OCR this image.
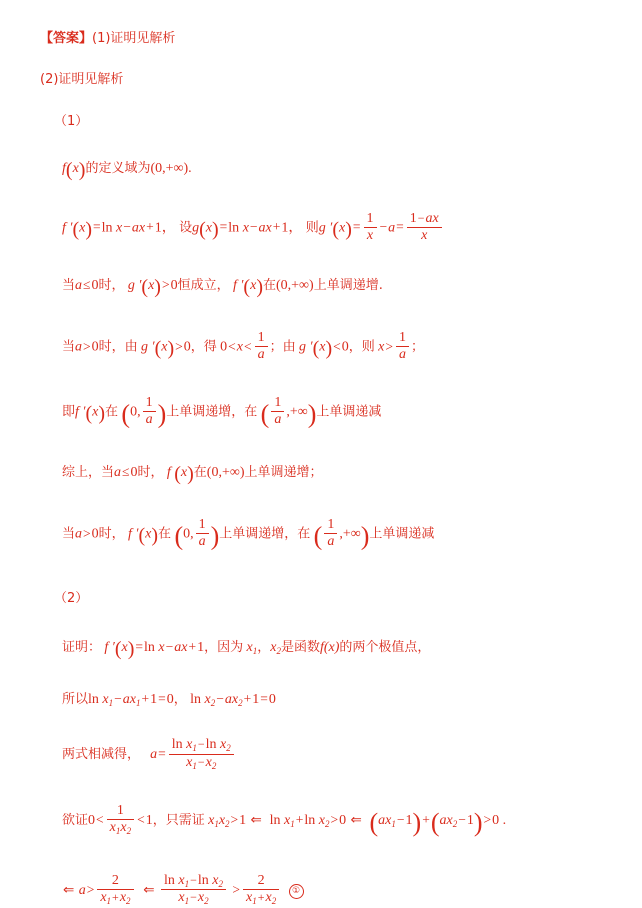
【答案】(1)证明见解析
(2)证明见解析
（1）
f(x)的定义域为(0,+∞).
f ′(x)=ln x−ax+1， 设g(x)=ln x−ax+1， 则g $'(x)= \frac{1}{x} -a= \frac{1-ax}{x}$
当a≤0时， g ′(x)>0恒成立， f ′(x)在(0,+∞)上单调递增.
当a>0时，由 g ′(x)>0，得 $0<x< \frac{1}{a}$ ；由 g ′(x)<0，则 $x> \frac{1}{a}$ ；
即f ′(x)在 (0, $\frac{1}{a}$ )上单调递增，在 ( $\frac{1}{a}$ ,+∞)上单调递减
综上，当a≤0时， f (x)在(0,+∞)上单调递增；
当a>0时， f ′(x)在 (0, $\frac{1}{a}$ )上单调递增，在 ( $\frac{1}{a}$ ,+∞)上单调递减
（2）
证明： f ′(x)=ln x−ax+1，因为 $x_1$，$x_2$是函数f(x)的两个极值点，
所以$\ln x_1-ax_1+1=0$， $\ln x_2-ax_2+1=0$
两式相减得， $a= \frac{\ln x_1-\ln x_2}{x_1-x_2}$
欲证$0< \frac{1}{x_1x_2} <1$，只需证 $x_1x_2>1$ ⇐  $\ln x_1+\ln$ $x_2>0$ ⇐  $(ax_1-1)+(ax_2-1)>0$ .
⇐ $a> \frac{2}{x_1+x_2}$ ⇐ $\frac{\ln x_1-\ln x_2}{x_1-x_2} > \frac{2}{x_1+x_2}$ ①
